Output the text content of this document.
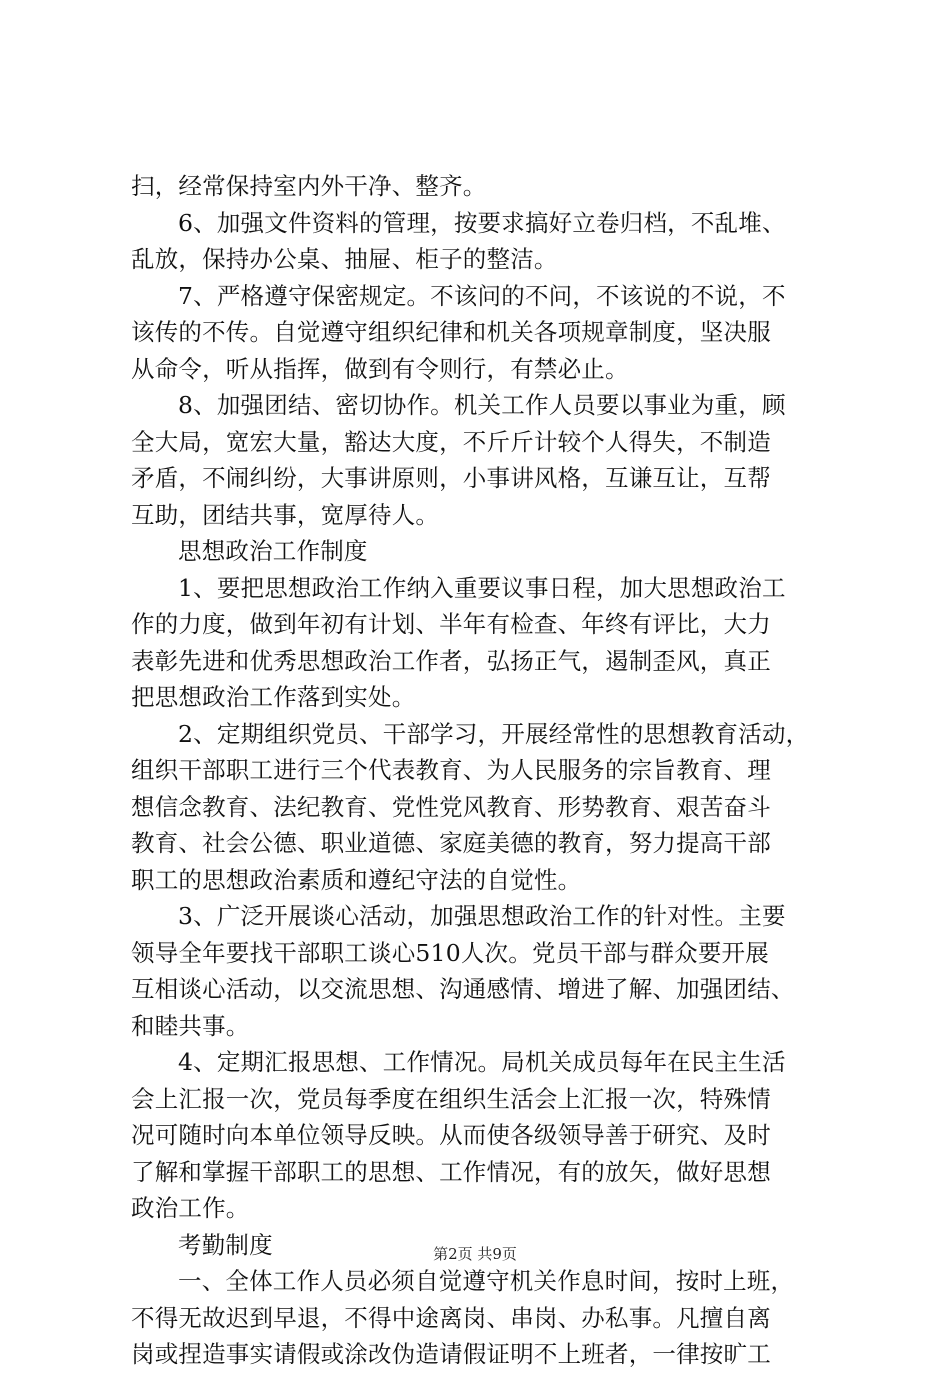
扫，经常保持室内外干净、整齐。
6、加强文件资料的管理，按要求搞好立卷归档，不乱堆、
乱放，保持办公桌、抽屉、柜子的整洁。
7、严格遵守保密规定。不该问的不问，不该说的不说，不
该传的不传。自觉遵守组织纪律和机关各项规章制度，坚决服
从命令，听从指挥，做到有令则行，有禁必止。
8、加强团结、密切协作。机关工作人员要以事业为重，顾
全大局，宽宏大量，豁达大度，不斤斤计较个人得失，不制造
矛盾，不闹纠纷，大事讲原则，小事讲风格，互谦互让，互帮
互助，团结共事，宽厚待人。
思想政治工作制度
1、要把思想政治工作纳入重要议事日程，加大思想政治工
作的力度，做到年初有计划、半年有检查、年终有评比，大力
表彰先进和优秀思想政治工作者，弘扬正气，遏制歪风，真正
把思想政治工作落到实处。
2、定期组织党员、干部学习，开展经常性的思想教育活动，
组织干部职工进行三个代表教育、为人民服务的宗旨教育、理
想信念教育、法纪教育、党性党风教育、形势教育、艰苦奋斗
教育、社会公德、职业道德、家庭美德的教育，努力提高干部
职工的思想政治素质和遵纪守法的自觉性。
3、广泛开展谈心活动，加强思想政治工作的针对性。主要
领导全年要找干部职工谈心510人次。党员干部与群众要开展
互相谈心活动，以交流思想、沟通感情、增进了解、加强团结、
和睦共事。
4、定期汇报思想、工作情况。局机关成员每年在民主生活
会上汇报一次，党员每季度在组织生活会上汇报一次，特殊情
况可随时向本单位领导反映。从而使各级领导善于研究、及时
了解和掌握干部职工的思想、工作情况，有的放矢，做好思想
政治工作。
考勤制度
一、全体工作人员必须自觉遵守机关作息时间，按时上班，
不得无故迟到早退，不得中途离岗、串岗、办私事。凡擅自离
岗或捏造事实请假或涂改伪造请假证明不上班者，一律按旷工
第2页 共9页
